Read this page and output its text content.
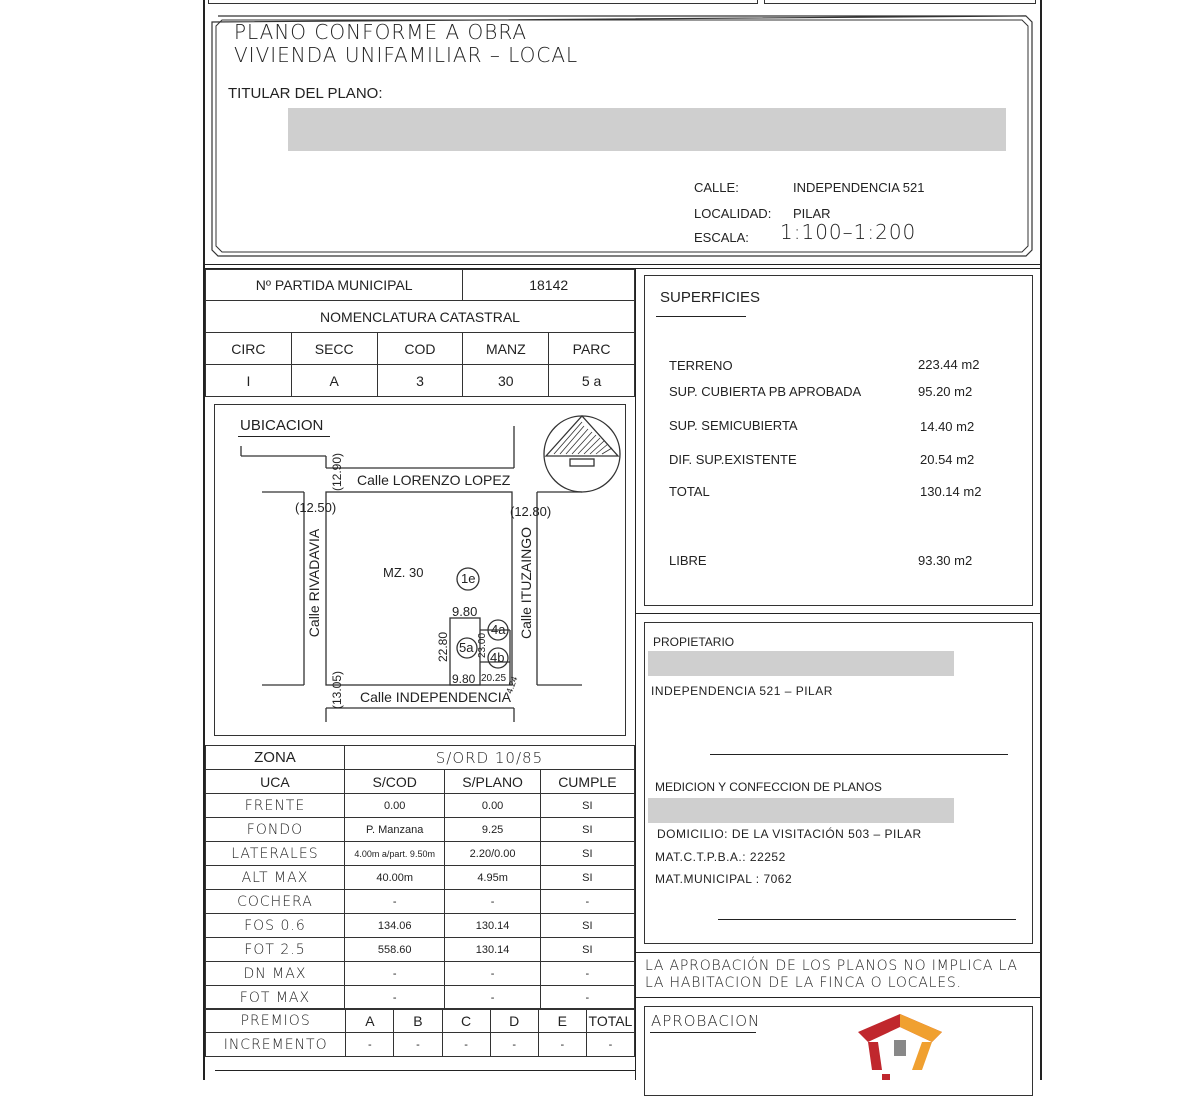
PLANO CONFORME A OBRA
VIVIENDA UNIFAMILIAR – LOCAL
TITULAR DEL PLANO:
CALLE:	INDEPENDENCIA 521
LOCALIDAD: PILAR
ESCALA: 1:100–1:200
Nº PARTIDA MUNICIPAL			18142	
NOMENCLATURA CATASTRAL				
CIRC	SECC	COD	MANZ	PARC
I	A	3	30	5 a
UBICACION
Calle LORENZO LOPEZ
Calle INDEPENDENCIA
Calle RIVADAVIA	Calle ITUZAINGO
MZ. 30
(12.90)
(12.50)	(12.80)
(13.05)
9.80
9.80
22.80	23.00
20.25
4.24
1e
4a
5a
4b
SUPERFICIES
TERRENO	223.44 m2
SUP. CUBIERTA PB APROBADA	95.20 m2
SUP. SEMICUBIERTA	14.40 m2
DIF. SUP.EXISTENTE	20.54 m2
TOTAL	130.14 m2
LIBRE	93.30 m2
PROPIETARIO
INDEPENDENCIA 521 – PILAR
MEDICION Y CONFECCION DE PLANOS
DOMICILIO: DE LA VISITACIÓN 503 – PILAR
MAT.C.T.P.B.A.: 22252
MAT.MUNICIPAL : 7062
LA APROBACIÓN DE LOS PLANOS NO IMPLICA LA
LA HABITACION DE LA FINCA O LOCALES.
APROBACION
ZONA	S/ORD 10/85		
UCA	S/COD	S/PLANO	CUMPLE
FRENTE	0.00	0.00	SI
FONDO	P. Manzana	9.25	SI
LATERALES	4.00m a/part. 9.50m	2.20/0.00	SI
ALT MAX	40.00m	4.95m	SI
COCHERA	-	-	-
FOS 0.6	134.06	130.14	SI
FOT 2.5	558.60	130.14	SI
DN MAX	-	-	-
FOT MAX	-	-	-
PREMIOS	A	B	C	D	E	TOTAL
INCREMENTO	-	-	-	-	-	-
